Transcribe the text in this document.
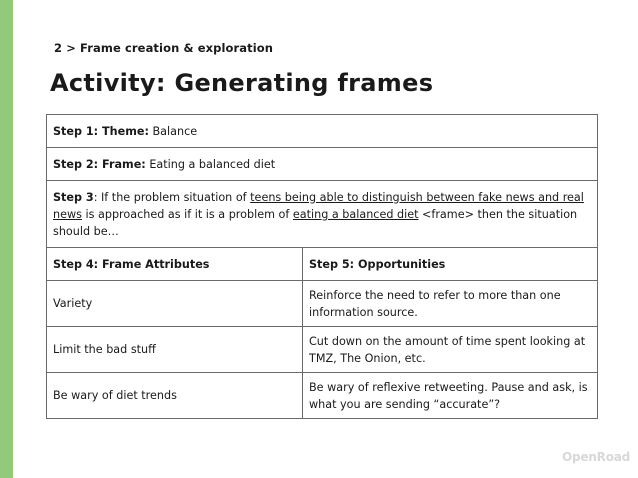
2 > Frame creation & exploration
Activity: Generating frames
Step 1: Theme: Balance	
Step 2: Frame: Eating a balanced diet	
Step 3: If the problem situation of teens being able to distinguish between fake news and real news is approached as if it is a problem of eating a balanced diet <frame> then the situation should be…	
Step 4: Frame Attributes	Step 5: Opportunities
Variety	Reinforce the need to refer to more than one information source.
Limit the bad stuff	Cut down on the amount of time spent looking at TMZ, The Onion, etc.
Be wary of diet trends	Be wary of reflexive retweeting. Pause and ask, is what you are sending “accurate”?
OpenRoad
